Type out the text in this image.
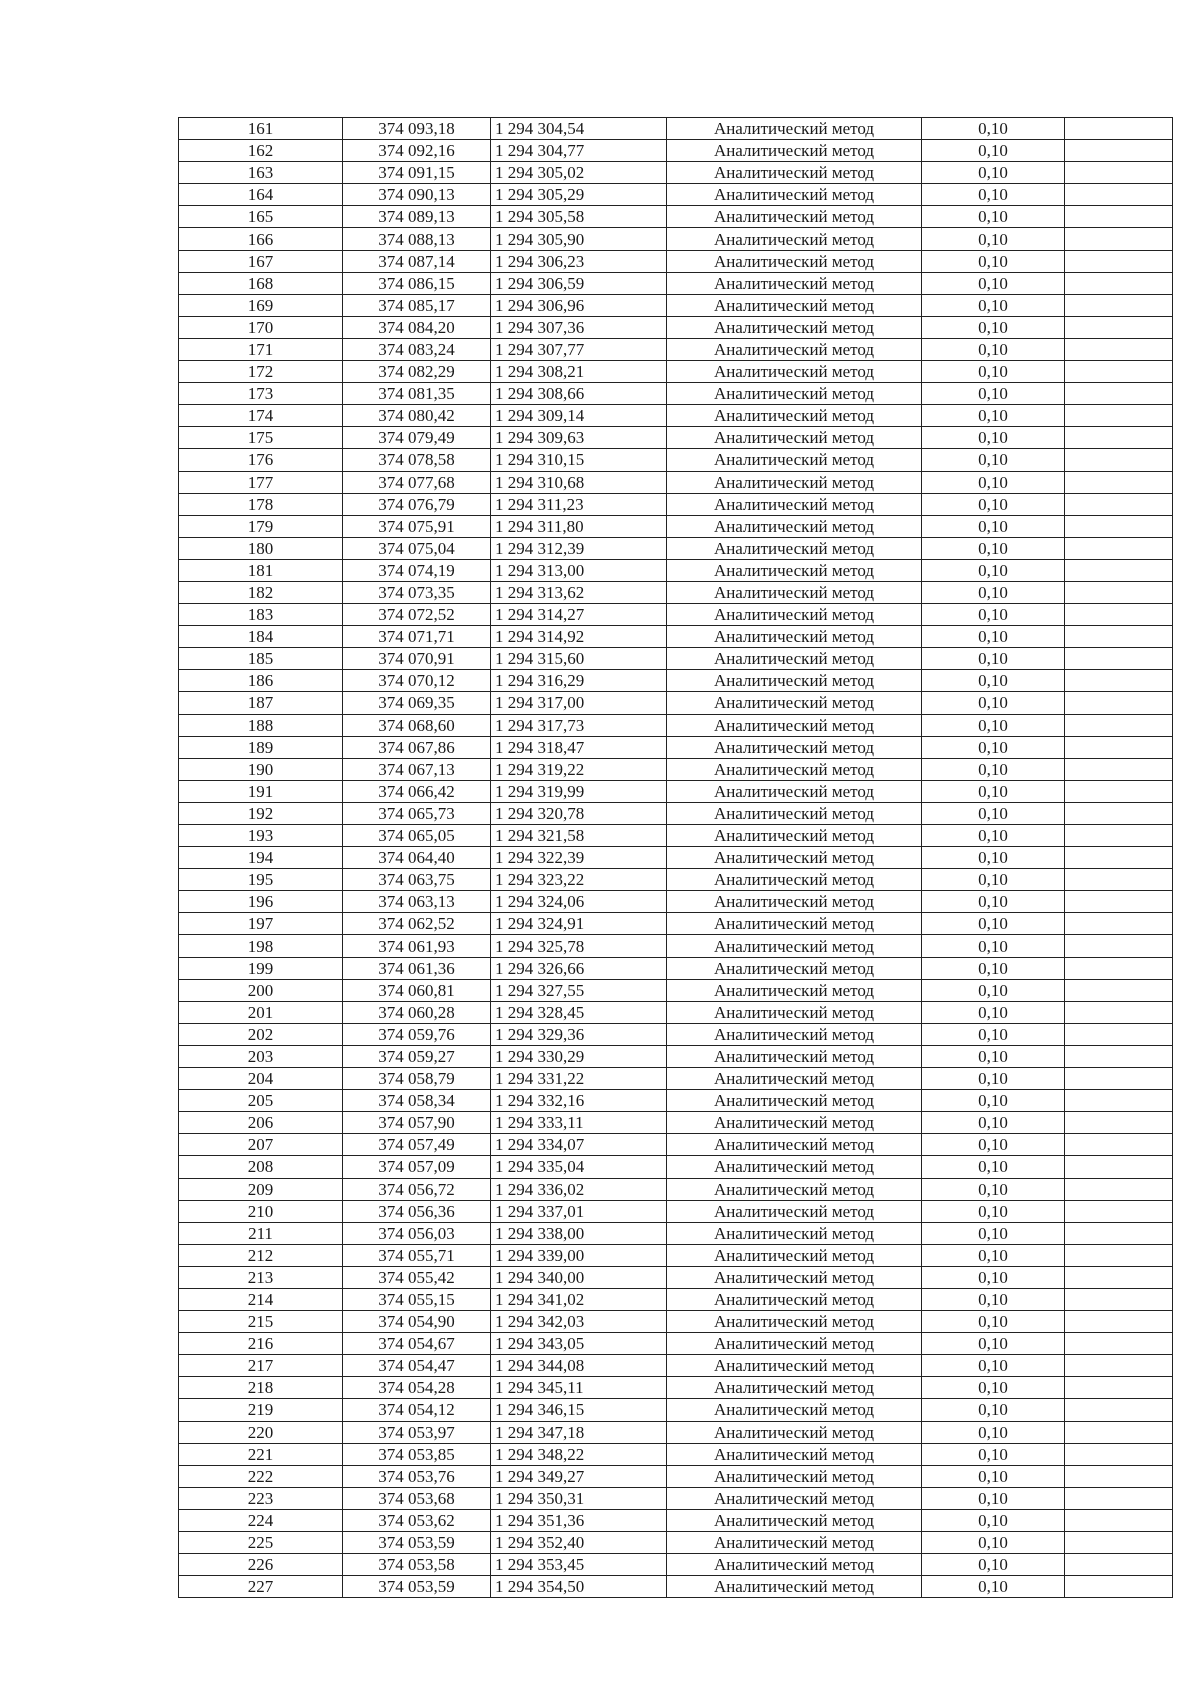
161	374 093,18	1 294 304,54	Аналитический метод	0,10	
162	374 092,16	1 294 304,77	Аналитический метод	0,10	
163	374 091,15	1 294 305,02	Аналитический метод	0,10	
164	374 090,13	1 294 305,29	Аналитический метод	0,10	
165	374 089,13	1 294 305,58	Аналитический метод	0,10	
166	374 088,13	1 294 305,90	Аналитический метод	0,10	
167	374 087,14	1 294 306,23	Аналитический метод	0,10	
168	374 086,15	1 294 306,59	Аналитический метод	0,10	
169	374 085,17	1 294 306,96	Аналитический метод	0,10	
170	374 084,20	1 294 307,36	Аналитический метод	0,10	
171	374 083,24	1 294 307,77	Аналитический метод	0,10	
172	374 082,29	1 294 308,21	Аналитический метод	0,10	
173	374 081,35	1 294 308,66	Аналитический метод	0,10	
174	374 080,42	1 294 309,14	Аналитический метод	0,10	
175	374 079,49	1 294 309,63	Аналитический метод	0,10	
176	374 078,58	1 294 310,15	Аналитический метод	0,10	
177	374 077,68	1 294 310,68	Аналитический метод	0,10	
178	374 076,79	1 294 311,23	Аналитический метод	0,10	
179	374 075,91	1 294 311,80	Аналитический метод	0,10	
180	374 075,04	1 294 312,39	Аналитический метод	0,10	
181	374 074,19	1 294 313,00	Аналитический метод	0,10	
182	374 073,35	1 294 313,62	Аналитический метод	0,10	
183	374 072,52	1 294 314,27	Аналитический метод	0,10	
184	374 071,71	1 294 314,92	Аналитический метод	0,10	
185	374 070,91	1 294 315,60	Аналитический метод	0,10	
186	374 070,12	1 294 316,29	Аналитический метод	0,10	
187	374 069,35	1 294 317,00	Аналитический метод	0,10	
188	374 068,60	1 294 317,73	Аналитический метод	0,10	
189	374 067,86	1 294 318,47	Аналитический метод	0,10	
190	374 067,13	1 294 319,22	Аналитический метод	0,10	
191	374 066,42	1 294 319,99	Аналитический метод	0,10	
192	374 065,73	1 294 320,78	Аналитический метод	0,10	
193	374 065,05	1 294 321,58	Аналитический метод	0,10	
194	374 064,40	1 294 322,39	Аналитический метод	0,10	
195	374 063,75	1 294 323,22	Аналитический метод	0,10	
196	374 063,13	1 294 324,06	Аналитический метод	0,10	
197	374 062,52	1 294 324,91	Аналитический метод	0,10	
198	374 061,93	1 294 325,78	Аналитический метод	0,10	
199	374 061,36	1 294 326,66	Аналитический метод	0,10	
200	374 060,81	1 294 327,55	Аналитический метод	0,10	
201	374 060,28	1 294 328,45	Аналитический метод	0,10	
202	374 059,76	1 294 329,36	Аналитический метод	0,10	
203	374 059,27	1 294 330,29	Аналитический метод	0,10	
204	374 058,79	1 294 331,22	Аналитический метод	0,10	
205	374 058,34	1 294 332,16	Аналитический метод	0,10	
206	374 057,90	1 294 333,11	Аналитический метод	0,10	
207	374 057,49	1 294 334,07	Аналитический метод	0,10	
208	374 057,09	1 294 335,04	Аналитический метод	0,10	
209	374 056,72	1 294 336,02	Аналитический метод	0,10	
210	374 056,36	1 294 337,01	Аналитический метод	0,10	
211	374 056,03	1 294 338,00	Аналитический метод	0,10	
212	374 055,71	1 294 339,00	Аналитический метод	0,10	
213	374 055,42	1 294 340,00	Аналитический метод	0,10	
214	374 055,15	1 294 341,02	Аналитический метод	0,10	
215	374 054,90	1 294 342,03	Аналитический метод	0,10	
216	374 054,67	1 294 343,05	Аналитический метод	0,10	
217	374 054,47	1 294 344,08	Аналитический метод	0,10	
218	374 054,28	1 294 345,11	Аналитический метод	0,10	
219	374 054,12	1 294 346,15	Аналитический метод	0,10	
220	374 053,97	1 294 347,18	Аналитический метод	0,10	
221	374 053,85	1 294 348,22	Аналитический метод	0,10	
222	374 053,76	1 294 349,27	Аналитический метод	0,10	
223	374 053,68	1 294 350,31	Аналитический метод	0,10	
224	374 053,62	1 294 351,36	Аналитический метод	0,10	
225	374 053,59	1 294 352,40	Аналитический метод	0,10	
226	374 053,58	1 294 353,45	Аналитический метод	0,10	
227	374 053,59	1 294 354,50	Аналитический метод	0,10	
